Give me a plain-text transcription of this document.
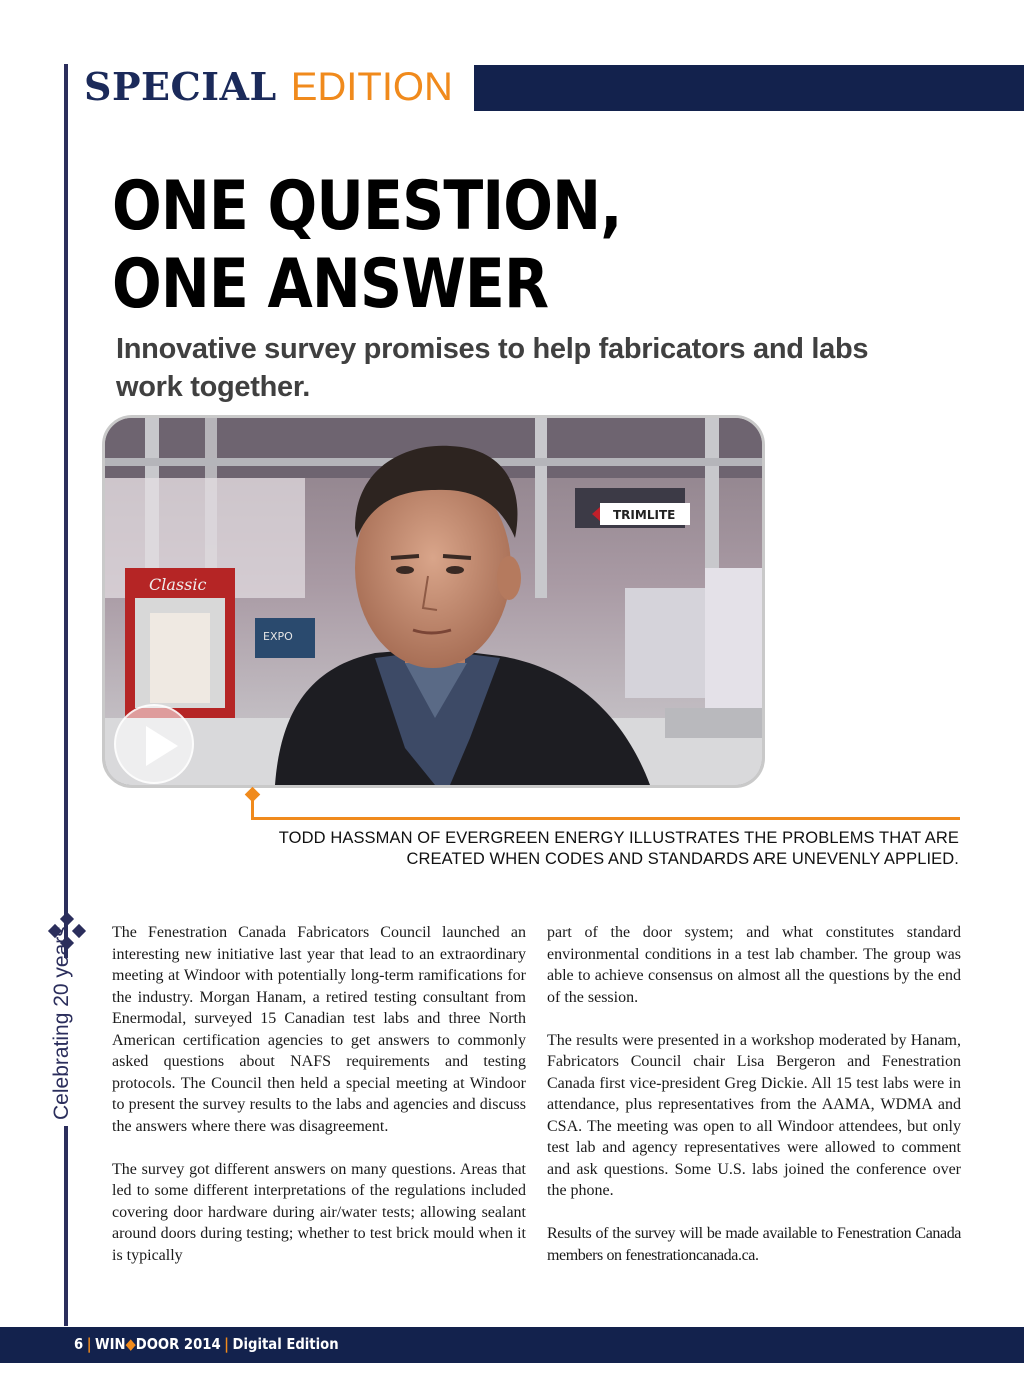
SPECIAL EDITION
ONE QUESTION,
ONE ANSWER
Innovative survey promises to help fabricators and labs work together.
TRIMLITE
Classic
EXPO
TODD HASSMAN OF EVERGREEN ENERGY ILLUSTRATES THE PROBLEMS THAT ARE
CREATED WHEN CODES AND STANDARDS ARE UNEVENLY APPLIED.
Celebrating 20 years	The Fenestration Canada Fabricators Council launched an interesting new initiative last year that lead to an extraordinary meeting at Windoor with potentially long-term ramifications for the industry. Morgan Hanam, a retired testing consultant from Enermodal, surveyed 15 Canadian test labs and three North American certification agencies to get answers to commonly asked questions about NAFS requirements and testing protocols. The Council then held a special meeting at Windoor to present the survey results to the labs and agencies and discuss the answers where there was disagreement.

The survey got different answers on many questions. Areas that led to some different interpretations of the regulations included covering door hardware during air/water tests; allowing sealant around doors during testing; whether to test brick mould when it is typically

part of the door system; and what constitutes standard environmental conditions in a test lab chamber. The group was able to achieve consensus on almost all the questions by the end of the session.

The results were presented in a workshop moderated by Hanam, Fabricators Council chair Lisa Bergeron and Fenestration Canada first vice-president Greg Dickie. All 15 test labs were in attendance, plus representatives from the AAMA, WDMA and CSA. The meeting was open to all Windoor attendees, but only test lab and agency representatives were allowed to comment and ask questions. Some U.S. labs joined the conference over the phone.

Results of the survey will be made available to Fenestration Canada members on fenestrationcanada.ca.

6 | WIN◆DOOR 2014 | Digital Edition
